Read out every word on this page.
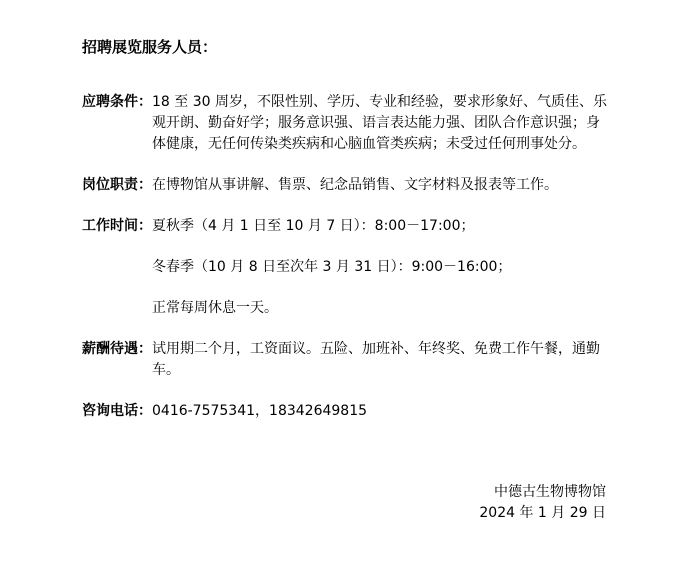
招聘展览服务人员：
应聘条件： 18 至 30 周岁，不限性别、学历、专业和经验，要求形象好、气质佳、乐观开朗、勤奋好学；服务意识强、语言表达能力强、团队合作意识强；身体健康，无任何传染类疾病和心脑血管类疾病；未受过任何刑事处分。
岗位职责： 在博物馆从事讲解、售票、纪念品销售、文字材料及报表等工作。
工作时间： 夏秋季（4 月 1 日至 10 月 7 日）：8:00－17:00；
冬春季（10 月 8 日至次年 3 月 31 日）：9:00－16:00；
正常每周休息一天。
薪酬待遇： 试用期二个月，工资面议。五险、加班补、年终奖、免费工作午餐，通勤车。
咨询电话： 0416-7575341，18342649815
中德古生物博物馆
2024 年 1 月 29 日
